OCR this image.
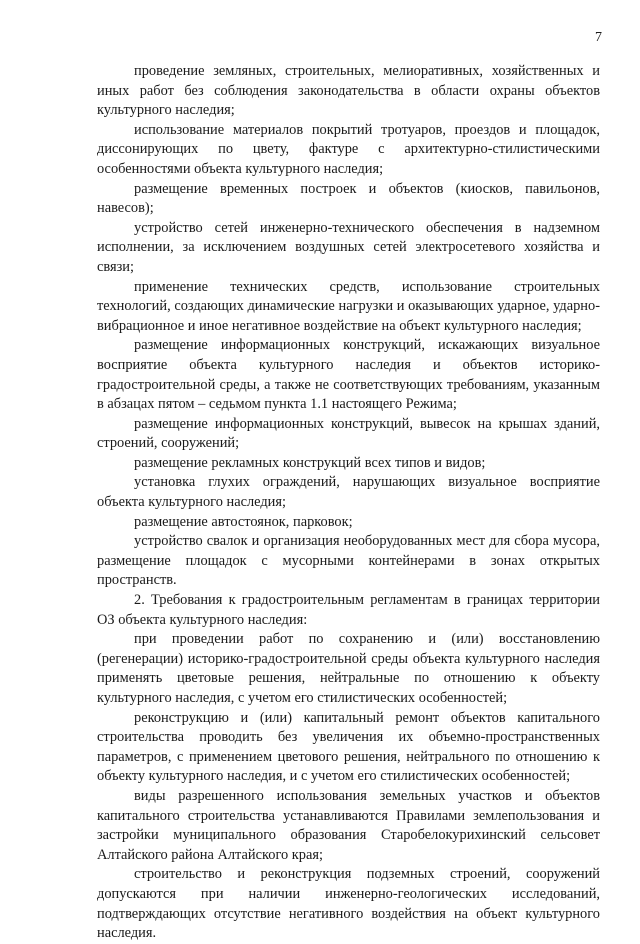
7

проведение земляных, строительных, мелиоративных, хозяйственных и иных работ без соблюдения законодательства в области охраны объектов культурного наследия;

использование материалов покрытий тротуаров, проездов и площадок, диссонирующих по цвету, фактуре с архитектурно-стилистическими особенностями объекта культурного наследия;

размещение временных построек и объектов (киосков, павильонов, навесов);

устройство сетей инженерно-технического обеспечения в надземном исполнении, за исключением воздушных сетей электросетевого хозяйства и связи;

применение технических средств, использование строительных технологий, создающих динамические нагрузки и оказывающих ударное, ударно-вибрационное и иное негативное воздействие на объект культурного наследия;

размещение информационных конструкций, искажающих визуальное восприятие объекта культурного наследия и объектов историко-градостроительной среды, а также не соответствующих требованиям, указанным в абзацах пятом – седьмом пункта 1.1 настоящего Режима;

размещение информационных конструкций, вывесок на крышах зданий, строений, сооружений;

размещение рекламных конструкций всех типов и видов;

установка глухих ограждений, нарушающих визуальное восприятие объекта культурного наследия;

размещение автостоянок, парковок;

устройство свалок и организация необорудованных мест для сбора мусора, размещение площадок с мусорными контейнерами в зонах открытых пространств.

2. Требования к градостроительным регламентам в границах территории ОЗ объекта культурного наследия:

при проведении работ по сохранению и (или) восстановлению (регенерации) историко-градостроительной среды объекта культурного наследия применять цветовые решения, нейтральные по отношению к объекту культурного наследия, с учетом его стилистических особенностей;

реконструкцию и (или) капитальный ремонт объектов капитального строительства проводить без увеличения их объемно-пространственных параметров, с применением цветового решения, нейтрального по отношению к объекту культурного наследия, и с учетом его стилистических особенностей;

виды разрешенного использования земельных участков и объектов капитального строительства устанавливаются Правилами землепользования и застройки муниципального образования Старобелокурихинский сельсовет Алтайского района Алтайского края;

строительство и реконструкция подземных строений, сооружений допускаются при наличии инженерно-геологических исследований, подтверждающих отсутствие негативного воздействия на объект культурного наследия.
